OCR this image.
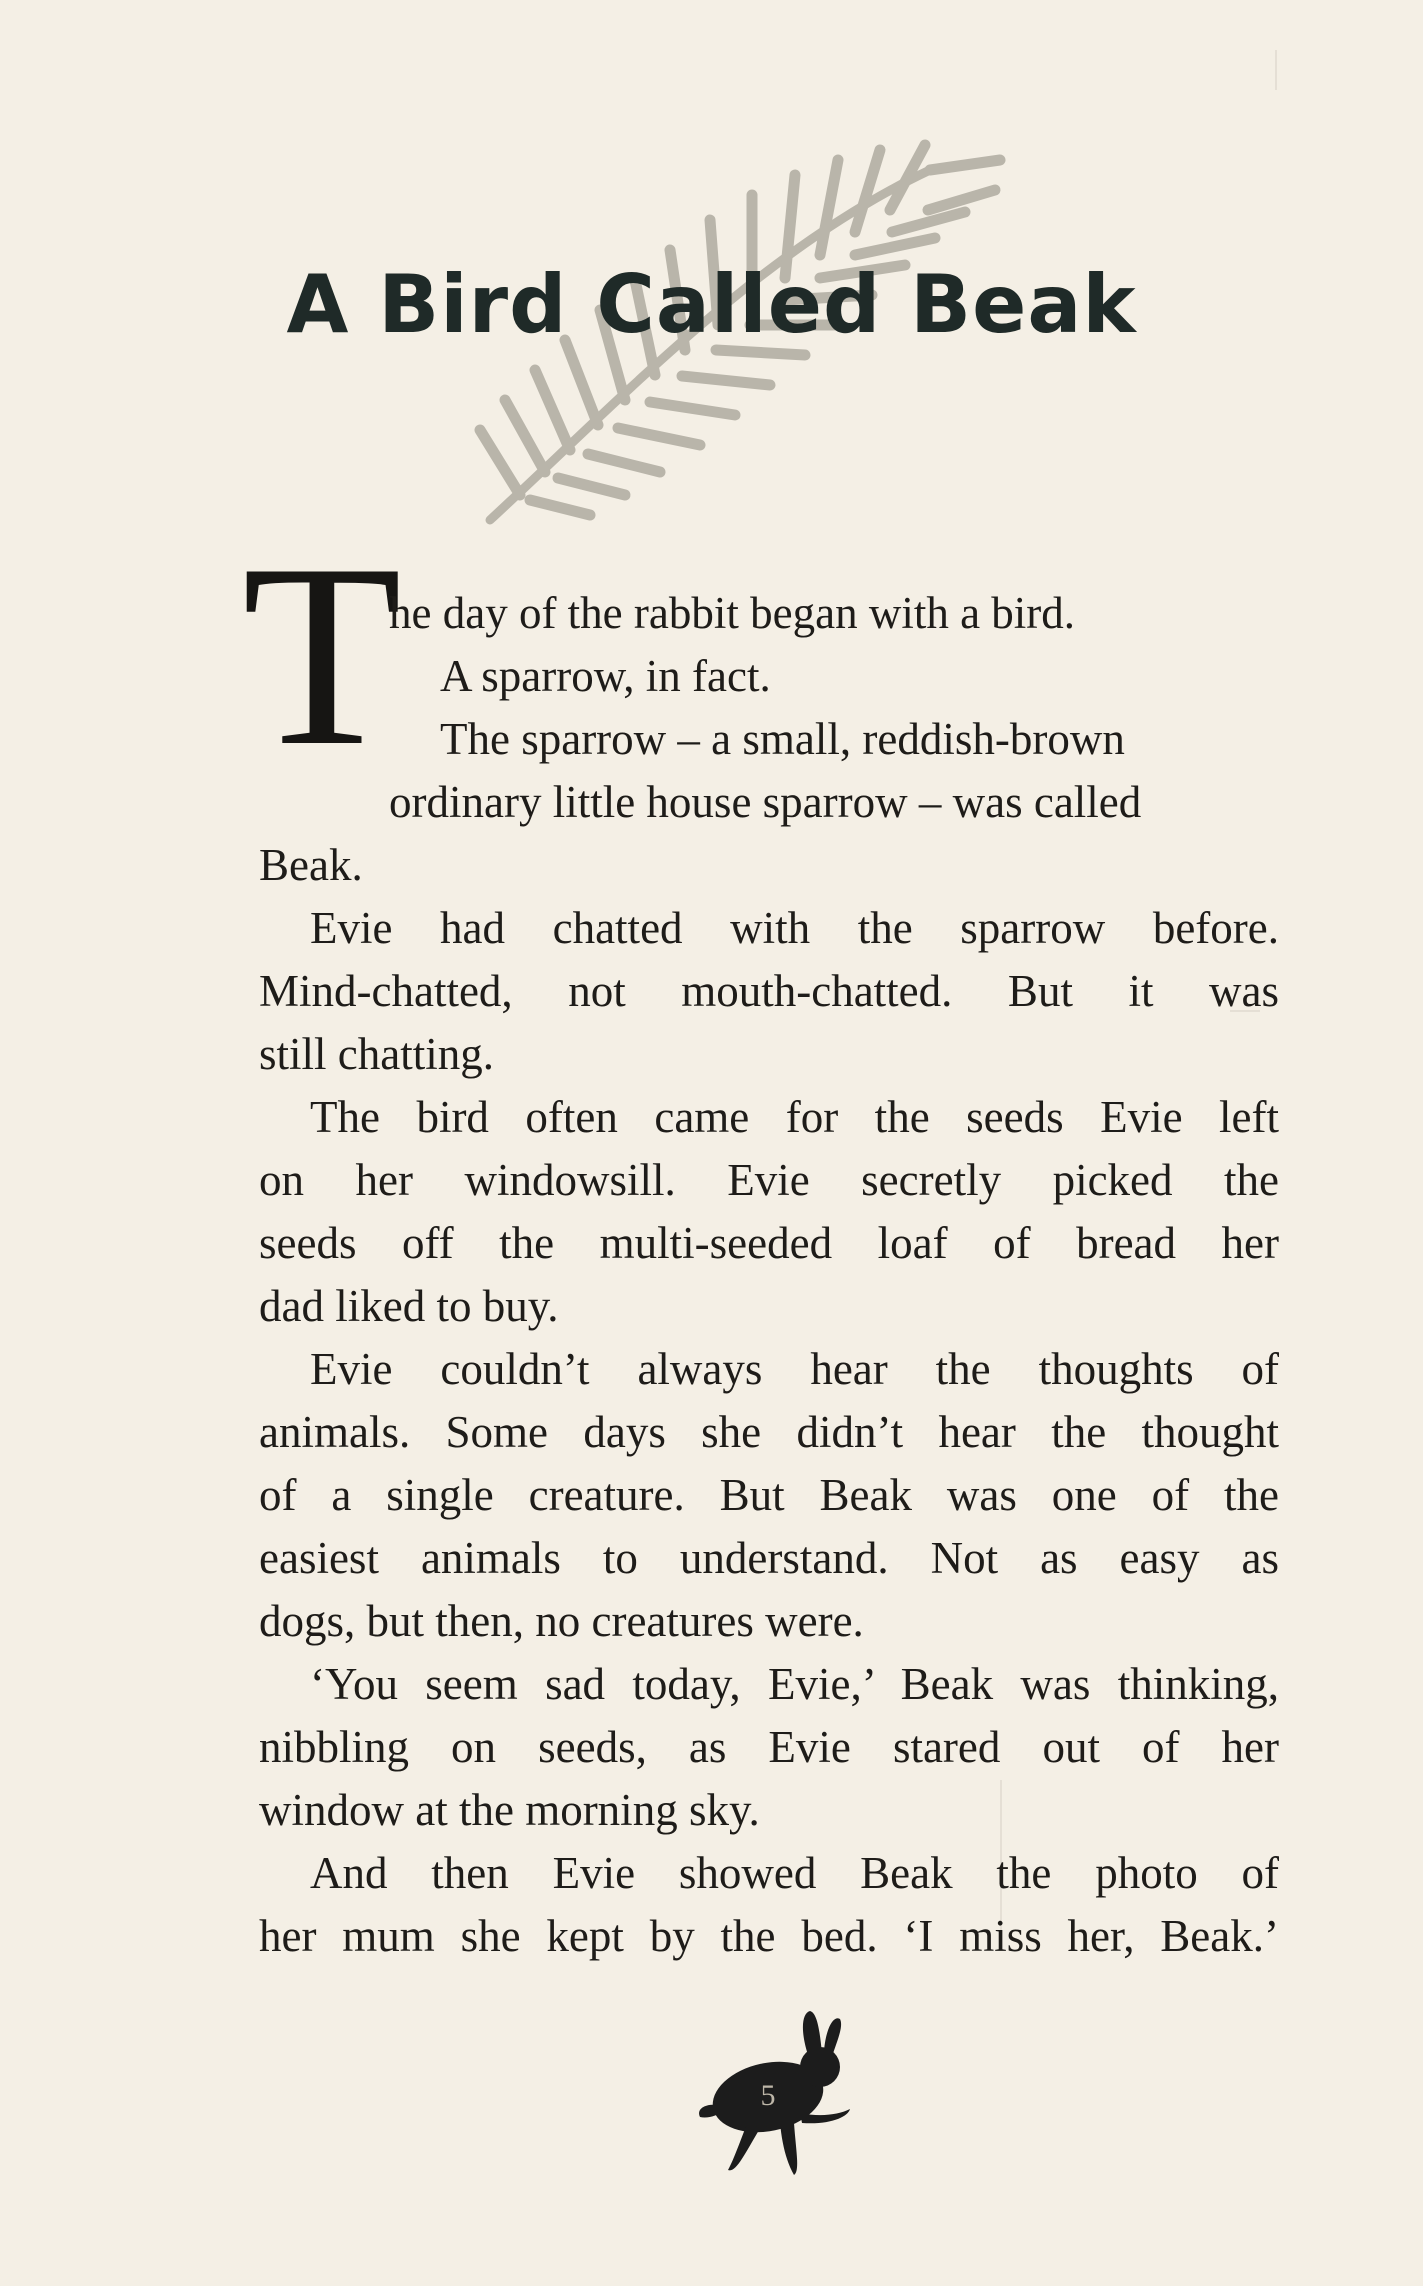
A Bird Called Beak
T
he day of the rabbit began with a bird.
A sparrow, in fact.
The sparrow – a small, reddish-brown
ordinary little house sparrow – was called
Beak.
Evie had chatted with the sparrow before.
Mind-chatted, not mouth-chatted. But it was
still chatting.
The bird often came for the seeds Evie left
on her windowsill. Evie secretly picked the
seeds off the multi-seeded loaf of bread her
dad liked to buy.
Evie couldn’t always hear the thoughts of
animals. Some days she didn’t hear the thought
of a single creature. But Beak was one of the
easiest animals to understand. Not as easy as
dogs, but then, no creatures were.
‘You seem sad today, Evie,’ Beak was thinking,
nibbling on seeds, as Evie stared out of her
window at the morning sky.
And then Evie showed Beak the photo of
her mum she kept by the bed. ‘I miss her, Beak.’
5
